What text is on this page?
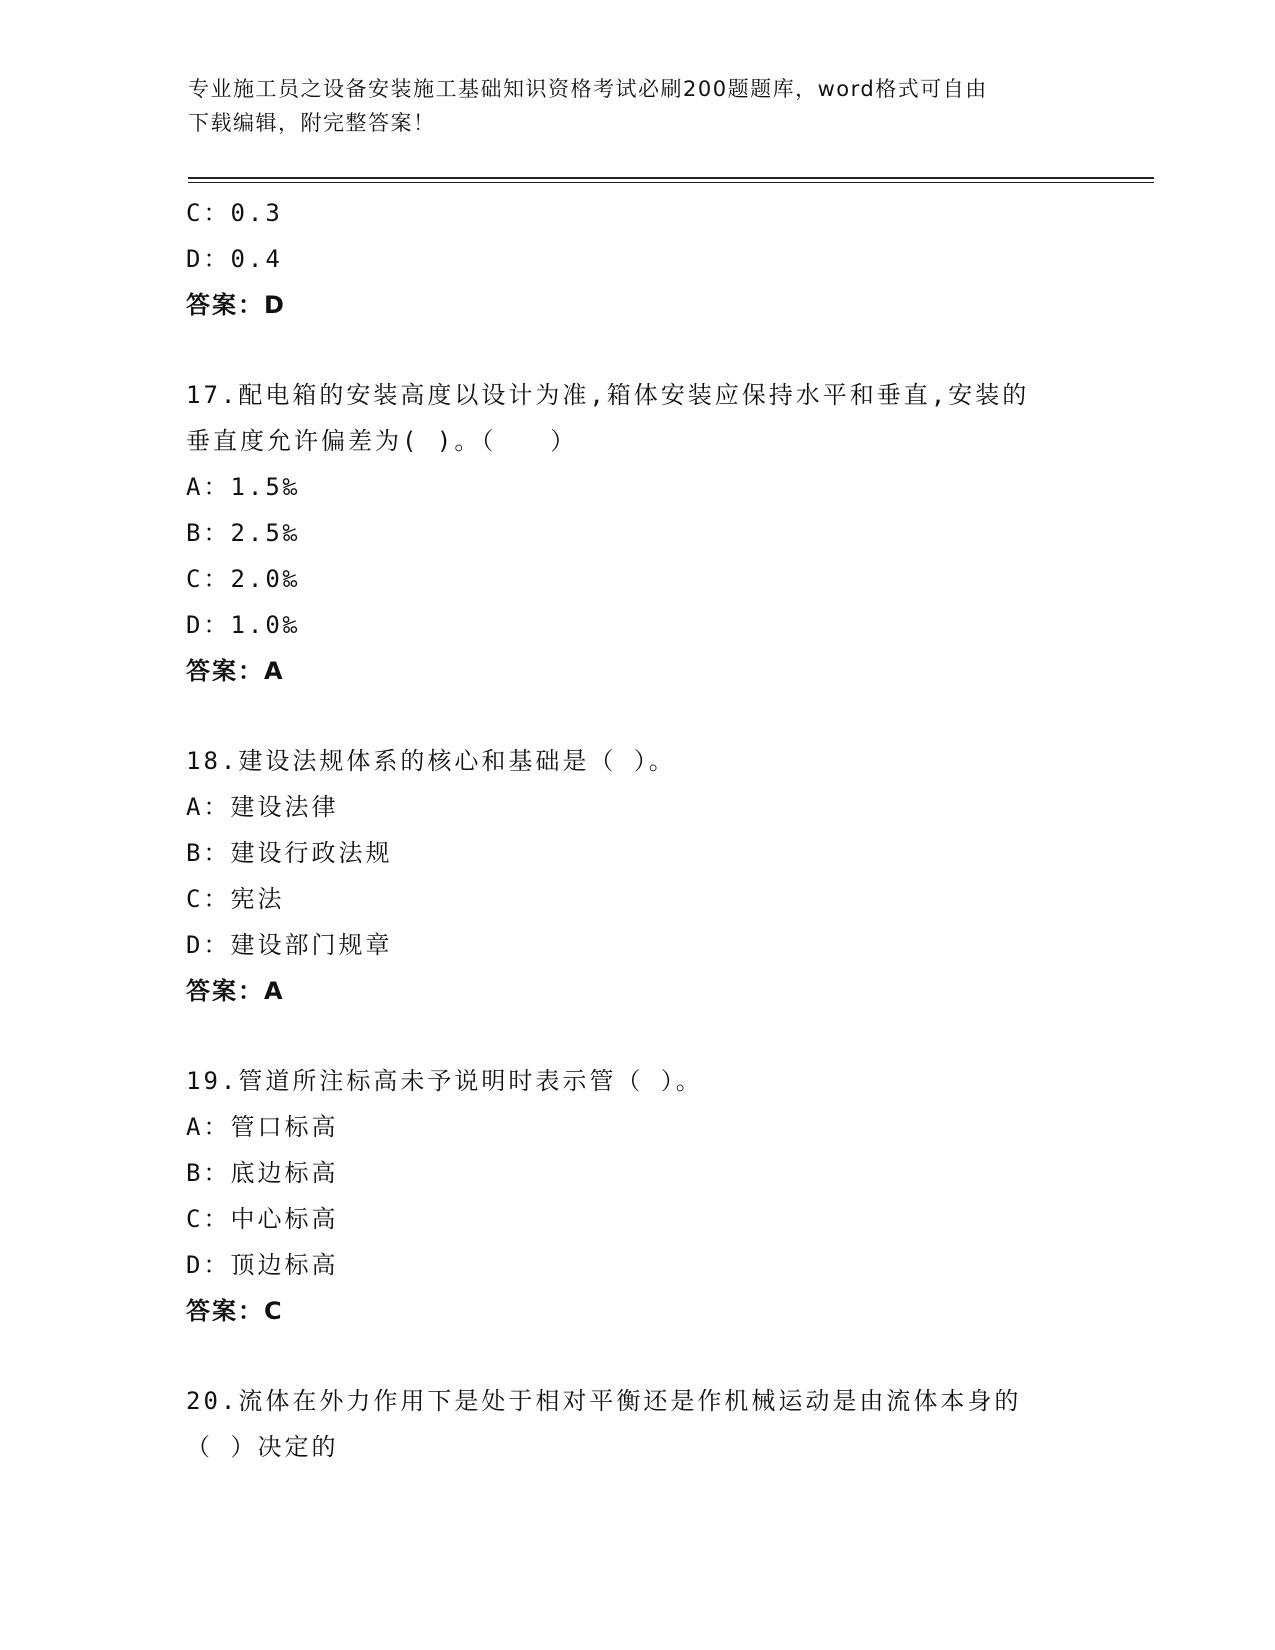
专业施工员之设备安装施工基础知识资格考试必刷200题题库，word格式可自由
下载编辑，附完整答案！
C：0.3
D：0.4
答案：D
17.配电箱的安装高度以设计为准,箱体安装应保持水平和垂直,安装的
垂直度允许偏差为( )。（　　）
A：1.5‰
B：2.5‰
C：2.0‰
D：1.0‰
答案：A
18.建设法规体系的核心和基础是（ ）。
A：建设法律
B：建设行政法规
C：宪法
D：建设部门规章
答案：A
19.管道所注标高未予说明时表示管（ ）。
A：管口标高
B：底边标高
C：中心标高
D：顶边标高
答案：C
20.流体在外力作用下是处于相对平衡还是作机械运动是由流体本身的
（ ）决定的
